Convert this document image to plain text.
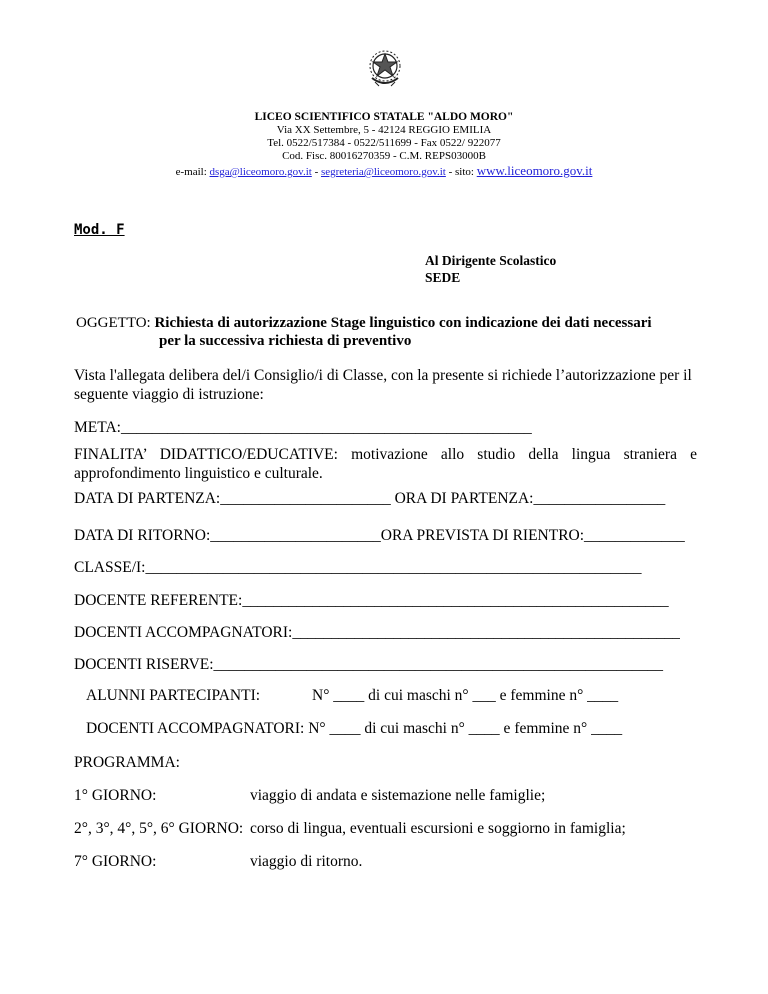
LICEO SCIENTIFICO STATALE "ALDO MORO"
Via XX Settembre, 5 - 42124 REGGIO EMILIA
Tel. 0522/517384 - 0522/511699 - Fax 0522/ 922077
Cod. Fisc. 80016270359 - C.M. REPS03000B
e-mail: dsga@liceomoro.gov.it - segreteria@liceomoro.gov.it - sito: www.liceomoro.gov.it
Mod. F
Al Dirigente Scolastico
SEDE
OGGETTO: Richiesta di autorizzazione Stage linguistico con indicazione dei dati necessari
per la successiva richiesta di preventivo
Vista l'allegata delibera del/i Consiglio/i di Classe, con la presente si richiede l’autorizzazione per il seguente viaggio di istruzione:
META:_____________________________________________________
FINALITA’ DIDATTICO/EDUCATIVE: motivazione allo studio della lingua straniera e approfondimento linguistico e culturale.
DATA DI PARTENZA:______________________ ORA DI PARTENZA:_________________
DATA DI RITORNO:______________________ORA PREVISTA DI RIENTRO:_____________
CLASSE/I:________________________________________________________________
DOCENTE REFERENTE:_______________________________________________________
DOCENTI ACCOMPAGNATORI:__________________________________________________
DOCENTI RISERVE:__________________________________________________________
ALUNNI PARTECIPANTI:	N° ____ di cui maschi n° ___ e femmine n° ____
DOCENTI ACCOMPAGNATORI: N° ____ di cui maschi n° ____ e femmine n° ____
PROGRAMMA:
1° GIORNO:	viaggio di andata e sistemazione nelle famiglie;
2°, 3°, 4°, 5°, 6° GIORNO: corso di lingua, eventuali escursioni e soggiorno in famiglia;
7° GIORNO:	viaggio di ritorno.
